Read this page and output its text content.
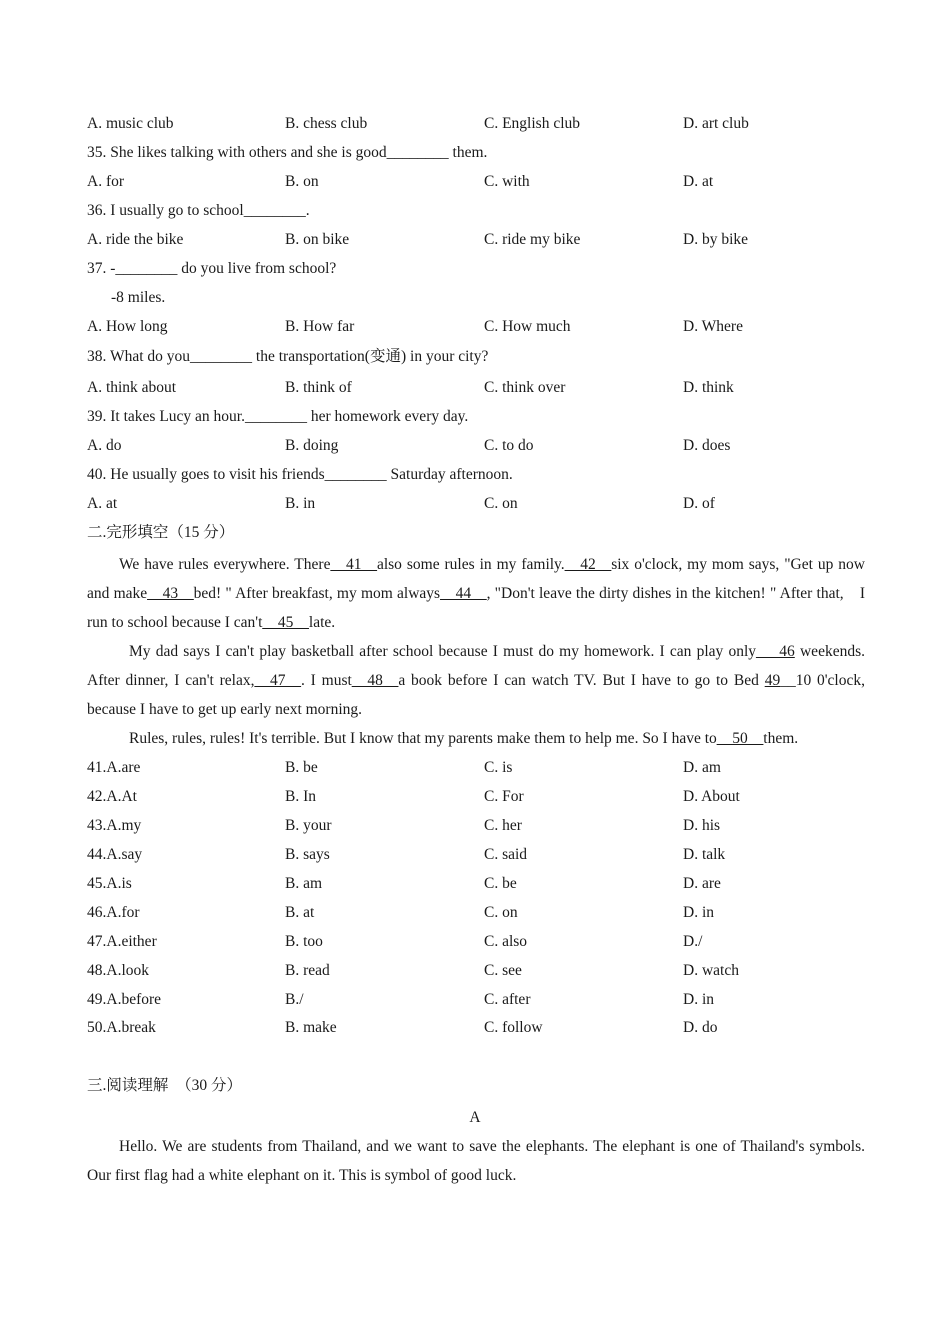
A. music club	B. chess club	C. English club	D. art club
35. She likes talking with others and she is good________ them.
A. for	B. on	C. with	D. at
36. I usually go to school________.
A. ride the bike	B. on bike	C. ride my bike	D. by bike
37. -________ do you live from school?
-8 miles.
A. How long	B. How far	C. How much	D. Where
38. What do you________ the transportation(变通) in your city?
A. think about	B. think of	C. think over	D. think
39. It takes Lucy an hour.________ her homework every day.
A. do	B. doing	C. to do	D. does
40. He usually goes to visit his friends________ Saturday afternoon.
A. at	B. in	C. on	D. of
二.完形填空（15 分）

We have rules everywhere. There__41__also some rules in my family.__42__six o'clock, my mom says, "Get up now and make__43__bed! " After breakfast, my mom always__44__, "Don't leave the dirty dishes in the kitchen! " After that,　I run to school because I can't__45__late.

My dad says I can't play basketball after school because I must do my homework. I can play only___46 weekends. After dinner, I can't relax,__47__. I must__48__a book before I can watch TV. But I have to go to Bed 49__10 0'clock, because I have to get up early next morning.

Rules, rules, rules! It's terrible. But I know that my parents make them to help me. So I have to__50__them.

41.A.are	B. be	C. is	D. am
42.A.At	B. In	C. For	D. About
43.A.my	B. your	C. her	D. his
44.A.say	B. says	C. said	D. talk
45.A.is	B. am	C. be	D. are
46.A.for	B. at	C. on	D. in
47.A.either	B. too	C. also	D./
48.A.look	B. read	C. see	D. watch
49.A.before	B./	C. after	D. in
50.A.break	B. make	C. follow	D. do
三.阅读理解　（30 分）
A

Hello. We are students from Thailand, and we want to save the elephants. The elephant is one of Thailand's symbols. Our first flag had a white elephant on it. This is symbol of good luck.
